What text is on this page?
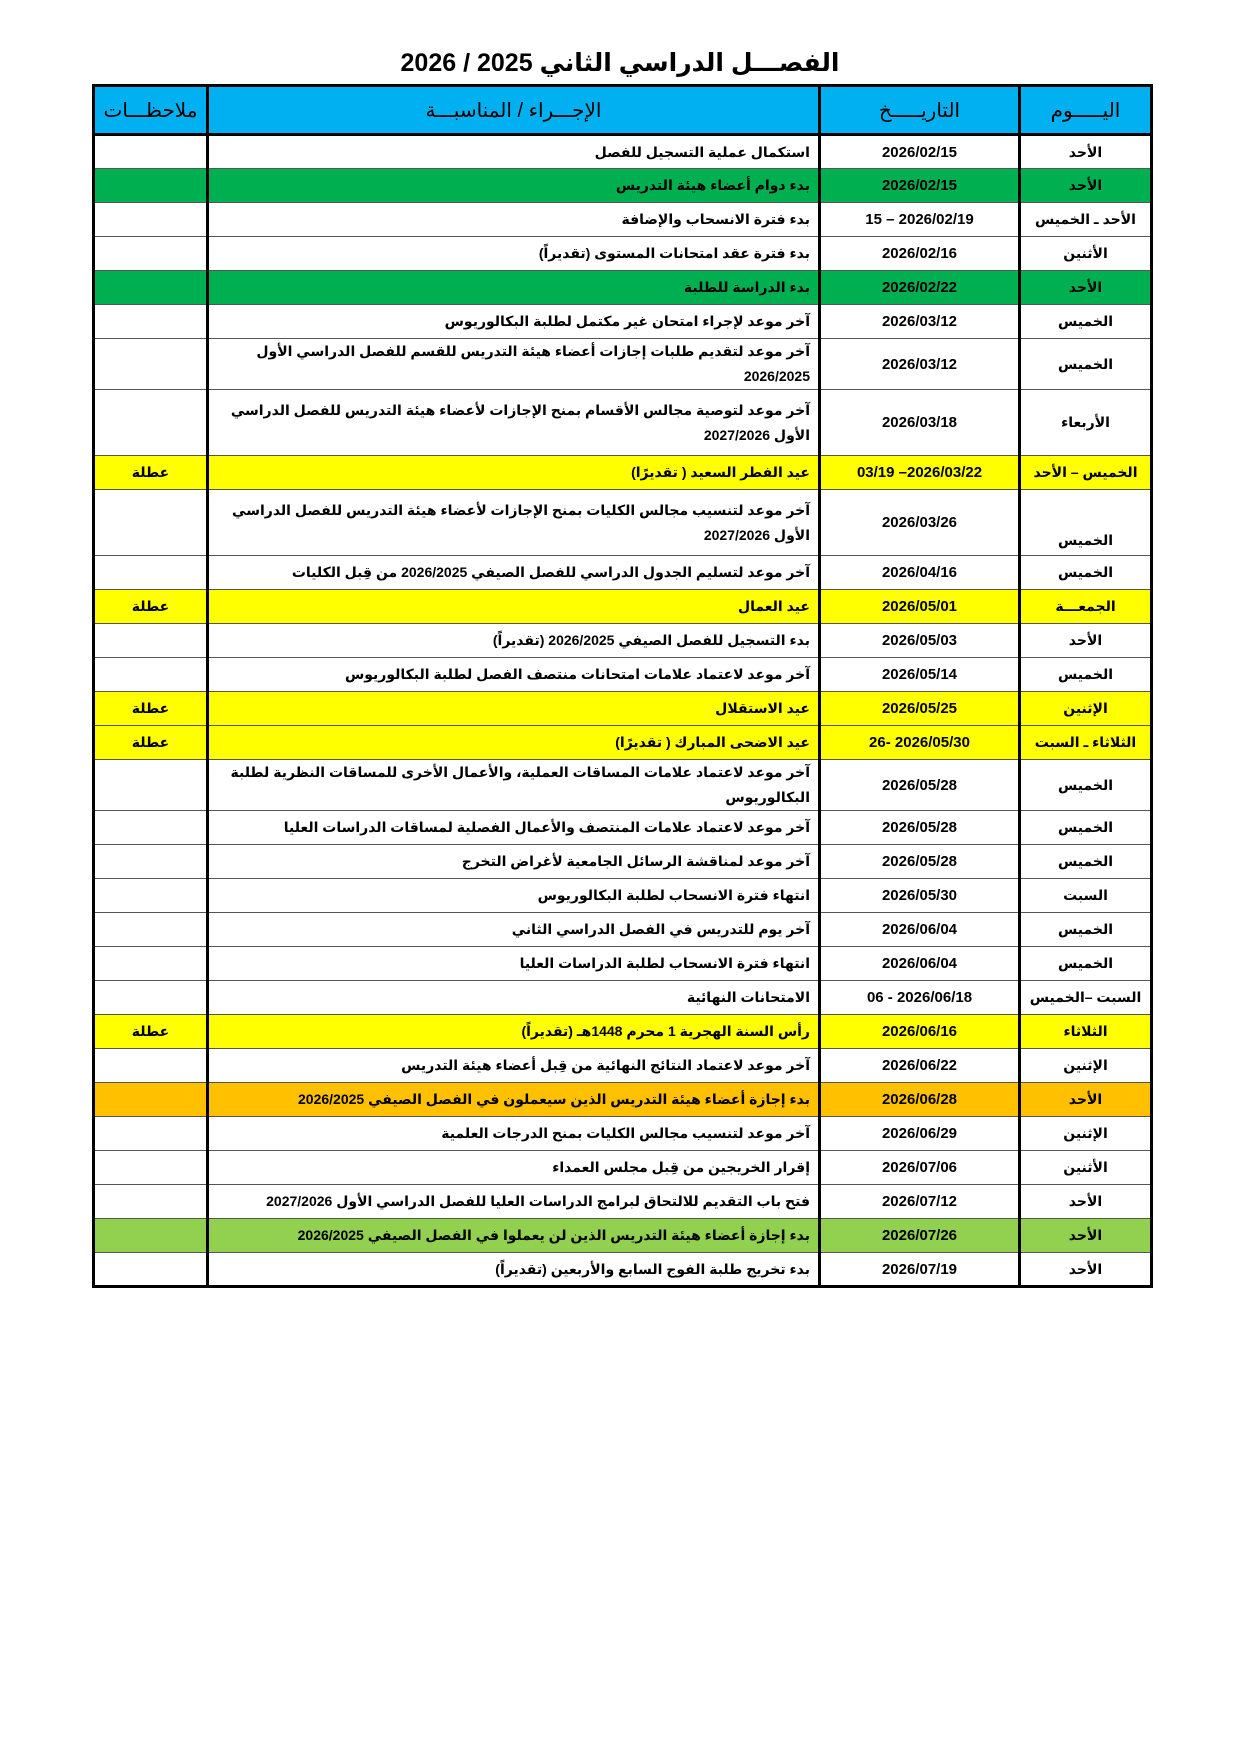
الفصـــل الدراسي الثاني 2025 / 2026
اليـــــوم	التاريـــــخ	الإجـــراء / المناسبـــة	ملاحظـــات
الأحد	2026/02/15	استكمال عملية التسجيل للفصل	
الأحد	2026/02/15	بدء دوام أعضاء هيئة التدريس	
الأحد ـ الخميس	15 – 2026/02/19	بدء فترة الانسحاب والإضافة	
الأثنين	2026/02/16	بدء فترة عقد امتحانات المستوى (تقديراً)	
الأحد	2026/02/22	بدء الدراسة للطلبة	
الخميس	2026/03/12	آخر موعد لإجراء امتحان غير مكتمل لطلبة البكالوريوس	
الخميس	2026/03/12	آخر موعد لتقديم طلبات إجازات أعضاء هيئة التدريس للقسم للفصل الدراسي الأول 2026/2025	
الأربعاء	2026/03/18	آخر موعد لتوصية مجالس الأقسام بمنح الإجازات لأعضاء هيئة التدريس للفصل الدراسي الأول 2027/2026	
الخميس – الأحد	03/19 –2026/03/22	عيد الفطر السعيد ( تقديرًا)	عطلة
الخميس	2026/03/26	آخر موعد لتنسيب مجالس الكليات بمنح الإجازات لأعضاء هيئة التدريس للفصل الدراسي الأول 2027/2026	
الخميس	2026/04/16	آخر موعد لتسليم الجدول الدراسي للفصل الصيفي 2026/2025 من قِبل الكليات	
الجمعـــة	2026/05/01	عيد العمال	عطلة
الأحد	2026/05/03	بدء التسجيل للفصل الصيفي 2026/2025 (تقديراً)	
الخميس	2026/05/14	آخر موعد لاعتماد علامات امتحانات منتصف الفصل لطلبة البكالوريوس	
الإثنين	2026/05/25	عيد الاستقلال	عطلة
الثلاثاء ـ السبت	26- 2026/05/30	عيد الاضحى المبارك ( تقديرًا)	عطلة
الخميس	2026/05/28	آخر موعد لاعتماد علامات المساقات العملية، والأعمال الأخرى للمساقات النظرية لطلبة البكالوريوس	
الخميس	2026/05/28	آخر موعد لاعتماد علامات المنتصف والأعمال الفصلية لمساقات الدراسات العليا	
الخميس	2026/05/28	آخر موعد لمناقشة الرسائل الجامعية لأغراض التخرج	
السبت	2026/05/30	انتهاء فترة الانسحاب لطلبة البكالوريوس	
الخميس	2026/06/04	آخر يوم للتدريس في الفصل الدراسي الثاني	
الخميس	2026/06/04	انتهاء فترة الانسحاب لطلبة الدراسات العليا	
السبت –الخميس	06 - 2026/06/18	الامتحانات النهائية	
الثلاثاء	2026/06/16	رأس السنة الهجرية 1 محرم 1448هـ (تقديراً)	عطلة
الإثنين	2026/06/22	آخر موعد لاعتماد النتائج النهائية من قِبل أعضاء هيئة التدريس	
الأحد	2026/06/28	بدء إجازة أعضاء هيئة التدريس الذين سيعملون في الفصل الصيفي 2026/2025	
الإثنين	2026/06/29	آخر موعد لتنسيب مجالس الكليات بمنح الدرجات العلمية	
الأثنين	2026/07/06	إقرار الخريجين من قِبل مجلس العمداء	
الأحد	2026/07/12	فتح باب التقديم للالتحاق لبرامج الدراسات العليا للفصل الدراسي الأول 2027/2026	
الأحد	2026/07/26	بدء إجازة أعضاء هيئة التدريس الذين لن يعملوا في الفصل الصيفي 2026/2025	
الأحد	2026/07/19	بدء تخريج طلبة الفوج السابع والأربعين (تقديراً)	
